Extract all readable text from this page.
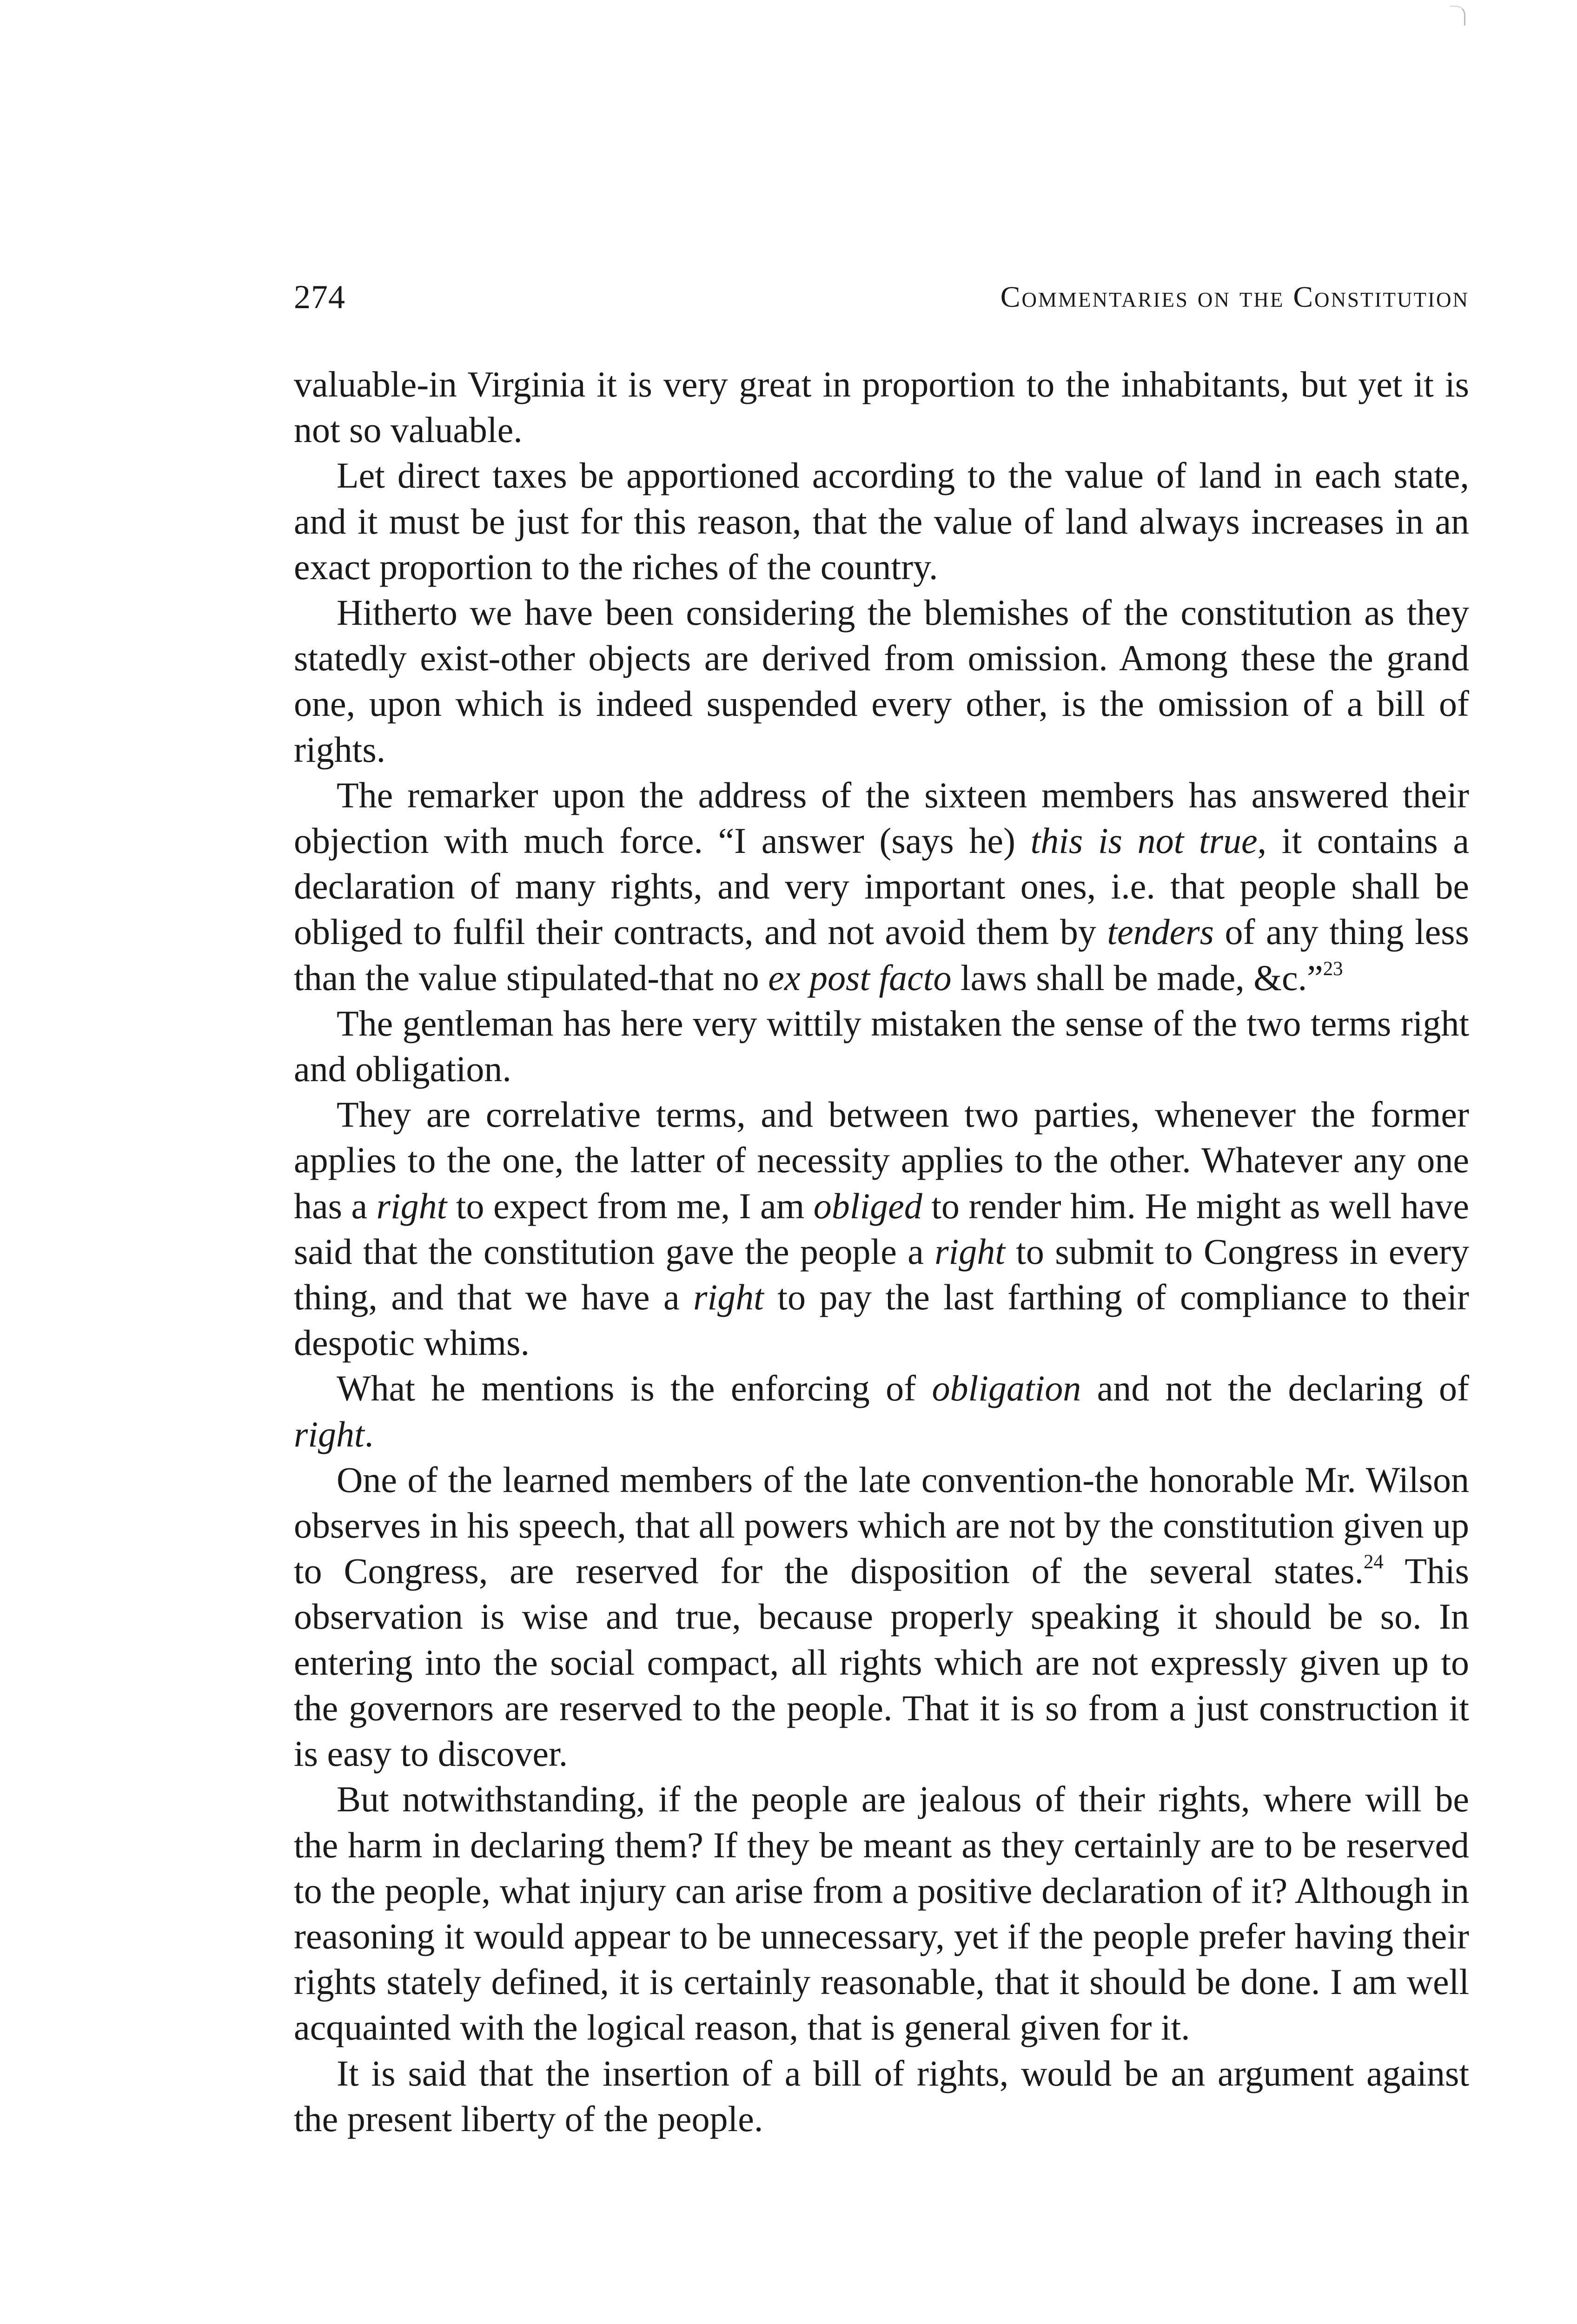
274	Commentaries on the Constitution

valuable-in Virginia it is very great in proportion to the inhabitants, but yet it is not so valuable.

Let direct taxes be apportioned according to the value of land in each state, and it must be just for this reason, that the value of land always increases in an exact proportion to the riches of the country.

Hitherto we have been considering the blemishes of the constitution as they statedly exist-other objects are derived from omission. Among these the grand one, upon which is indeed suspended every other, is the omission of a bill of rights.

The remarker upon the address of the sixteen members has answered their objection with much force. “I answer (says he) this is not true, it contains a declaration of many rights, and very important ones, i.e. that people shall be obliged to fulfil their contracts, and not avoid them by tenders of any thing less than the value stipulated-that no ex post facto laws shall be made, &c.”$^{23}$

The gentleman has here very wittily mistaken the sense of the two terms right and obligation.

They are correlative terms, and between two parties, whenever the former applies to the one, the latter of necessity applies to the other. Whatever any one has a right to expect from me, I am obliged to render him. He might as well have said that the constitution gave the people a right to submit to Congress in every thing, and that we have a right to pay the last farthing of compliance to their despotic whims.

What he mentions is the enforcing of obligation and not the declaring of right.

One of the learned members of the late convention-the honorable Mr. Wilson observes in his speech, that all powers which are not by the constitution given up to Congress, are reserved for the disposition of the several states.$^{24}$ This observation is wise and true, because properly speaking it should be so. In entering into the social compact, all rights which are not expressly given up to the governors are reserved to the people. That it is so from a just construction it is easy to discover.

But notwithstanding, if the people are jealous of their rights, where will be the harm in declaring them? If they be meant as they certainly are to be reserved to the people, what injury can arise from a positive declaration of it? Although in reasoning it would appear to be unnecessary, yet if the people prefer having their rights stately defined, it is certainly reasonable, that it should be done. I am well acquainted with the logical reason, that is general given for it.

It is said that the insertion of a bill of rights, would be an argument against the present liberty of the people.
